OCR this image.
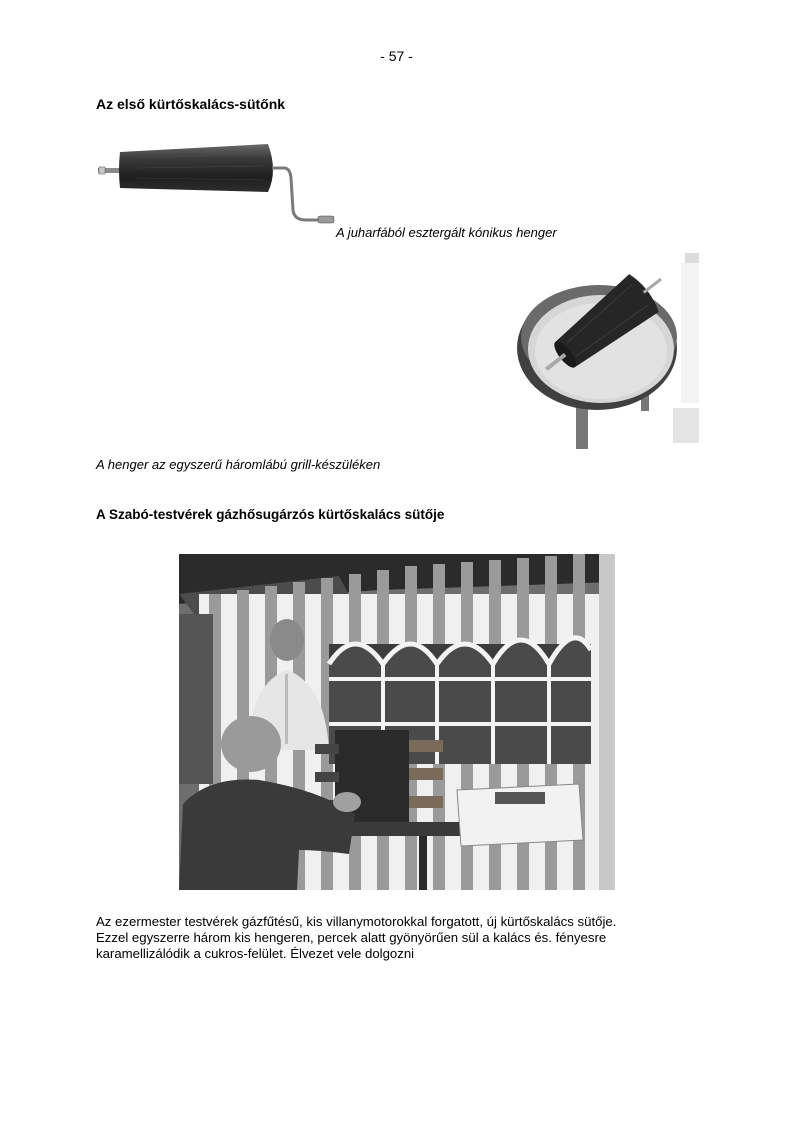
- 57 -
Az első kürtőskalács-sütőnk
A juharfából esztergált kónikus henger
A henger az egyszerű háromlábú grill-készüléken
A Szabó-testvérek gázhősugárzós kürtőskalács sütője

Az ezermester testvérek gázfűtésű, kis villanymotorokkal forgatott, új kürtőskalács sütője.

Ezzel egyszerre három kis hengeren, percek alatt gyönyörűen sül a kalács és. fényesre

karamellizálódik a cukros-felület. Élvezet vele dolgozni
